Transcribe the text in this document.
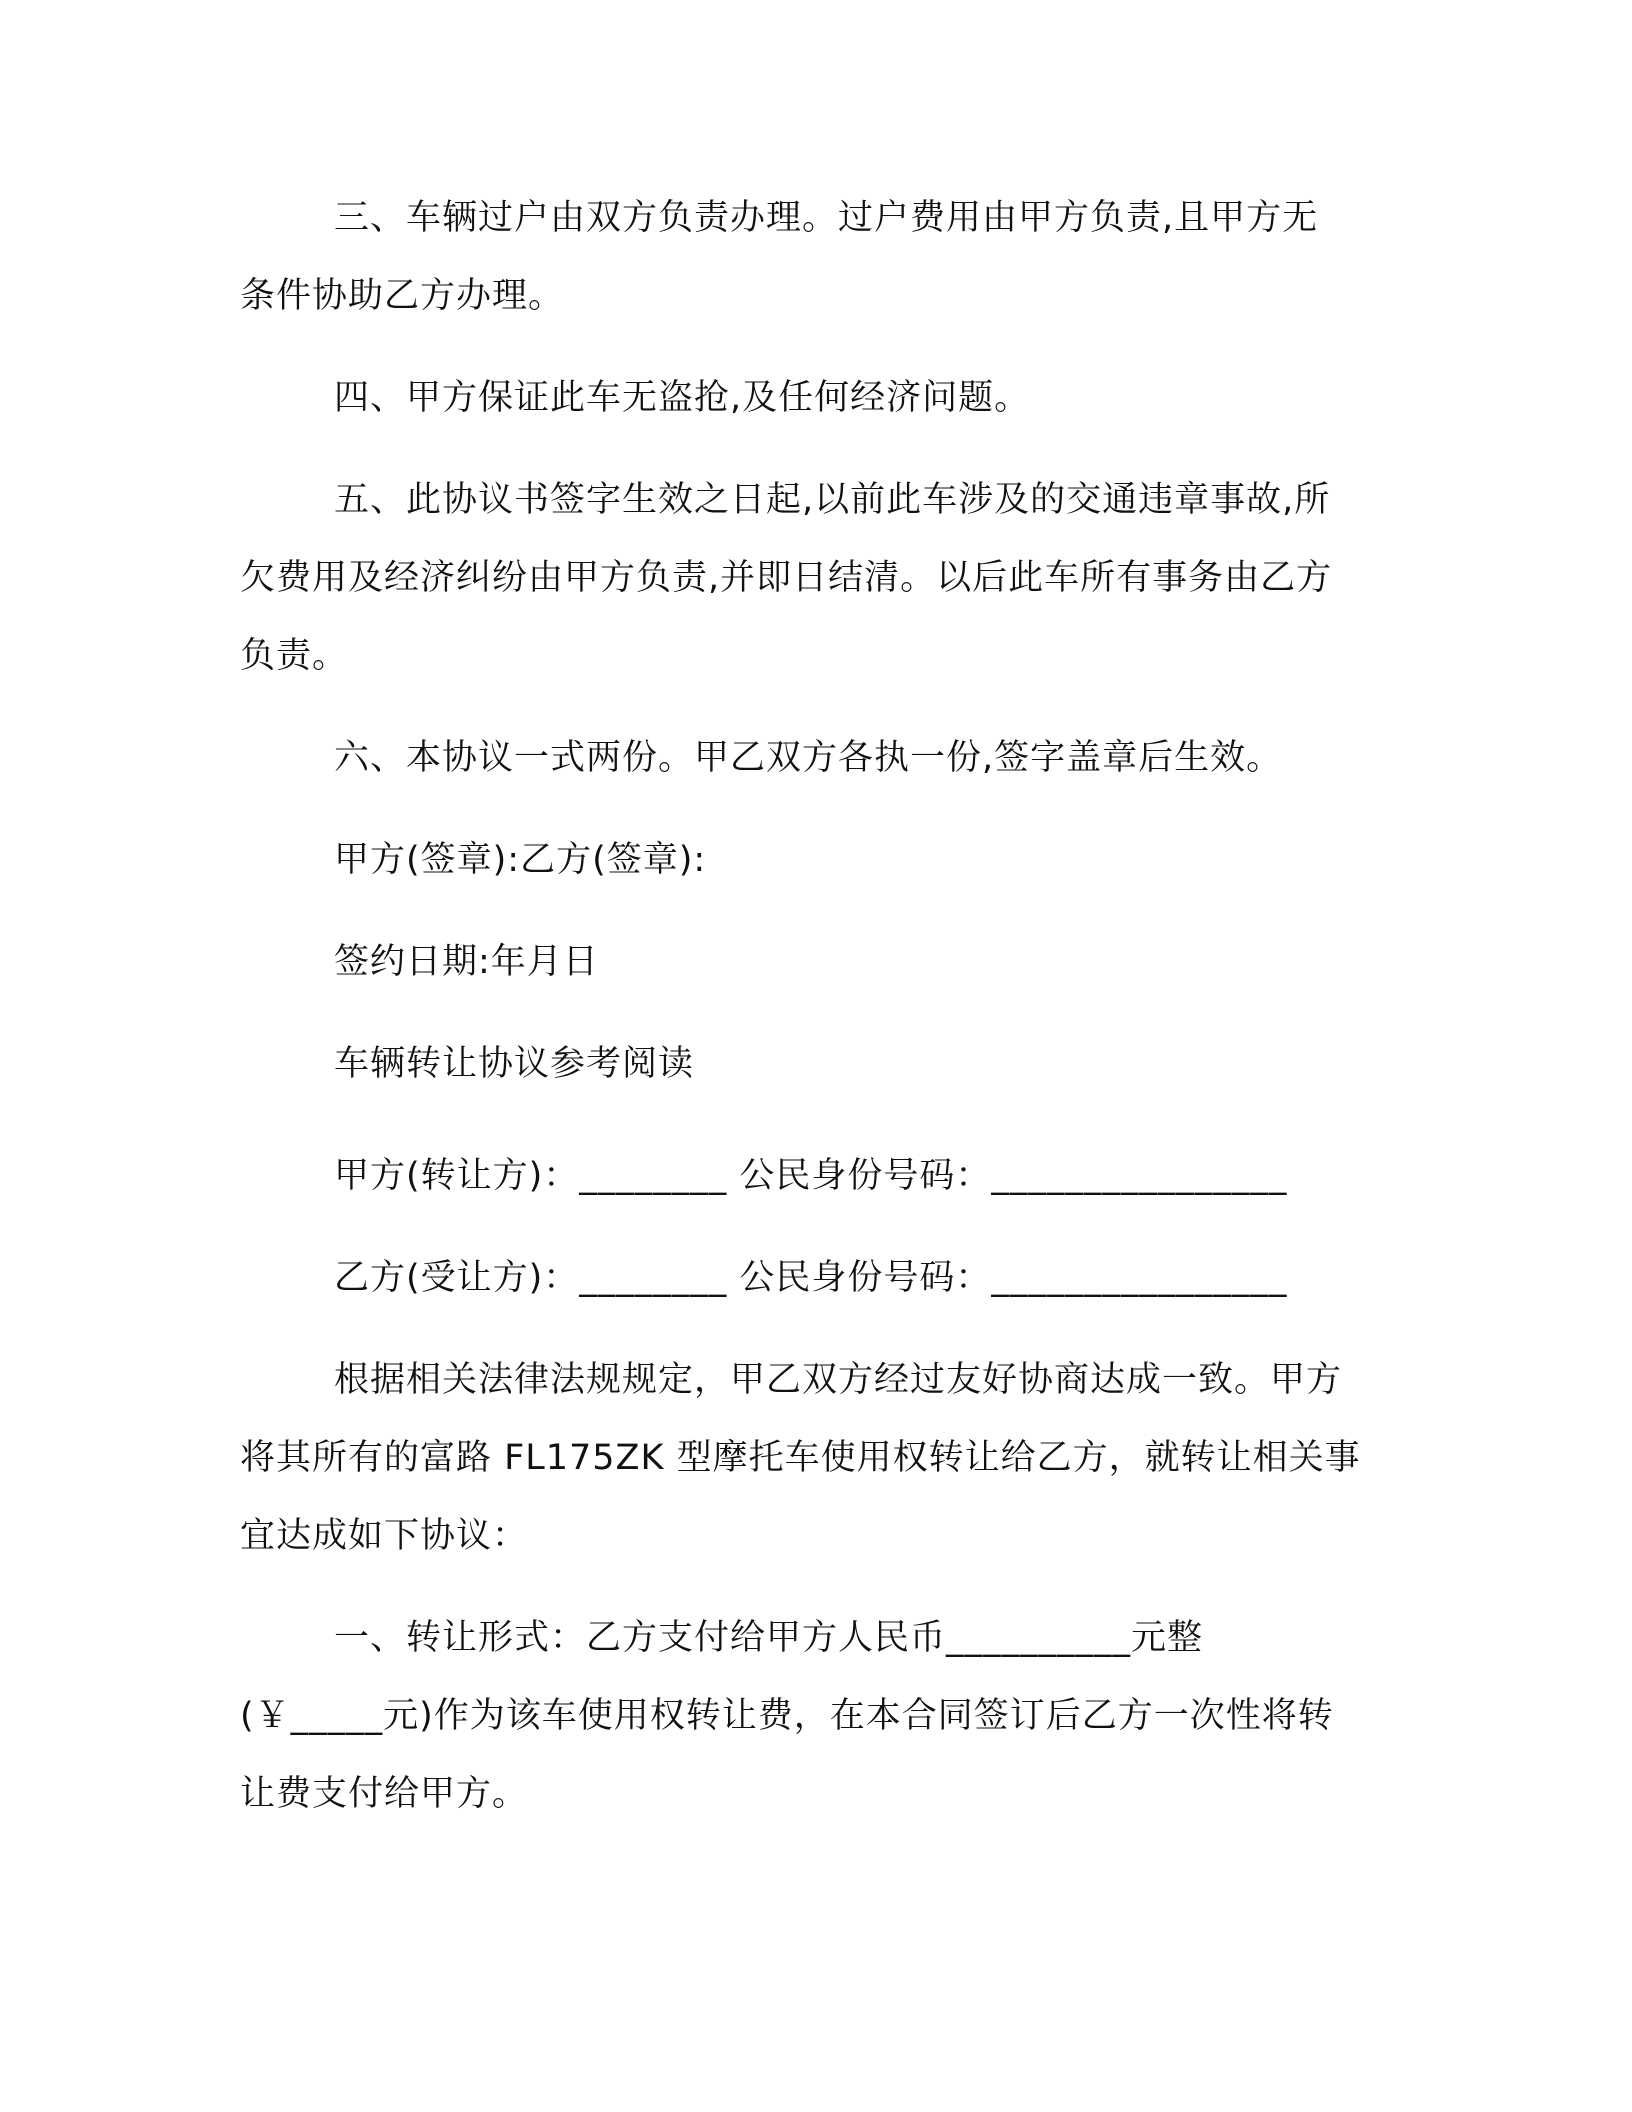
三、车辆过户由双方负责办理。过户费用由甲方负责,且甲方无
条件协助乙方办理。
四、甲方保证此车无盗抢,及任何经济问题。
五、此协议书签字生效之日起,以前此车涉及的交通违章事故,所
欠费用及经济纠纷由甲方负责,并即日结清。以后此车所有事务由乙方
负责。
六、本协议一式两份。甲乙双方各执一份,签字盖章后生效。
甲方(签章):乙方(签章):
签约日期:年月日
车辆转让协议参考阅读
甲方(转让方)：________ 公民身份号码：________________
乙方(受让方)：________ 公民身份号码：________________
根据相关法律法规规定，甲乙双方经过友好协商达成一致。甲方
将其所有的富路 FL175ZK 型摩托车使用权转让给乙方，就转让相关事
宜达成如下协议：
一、转让形式：乙方支付给甲方人民币__________元整
(￥_____元)作为该车使用权转让费，在本合同签订后乙方一次性将转
让费支付给甲方。
